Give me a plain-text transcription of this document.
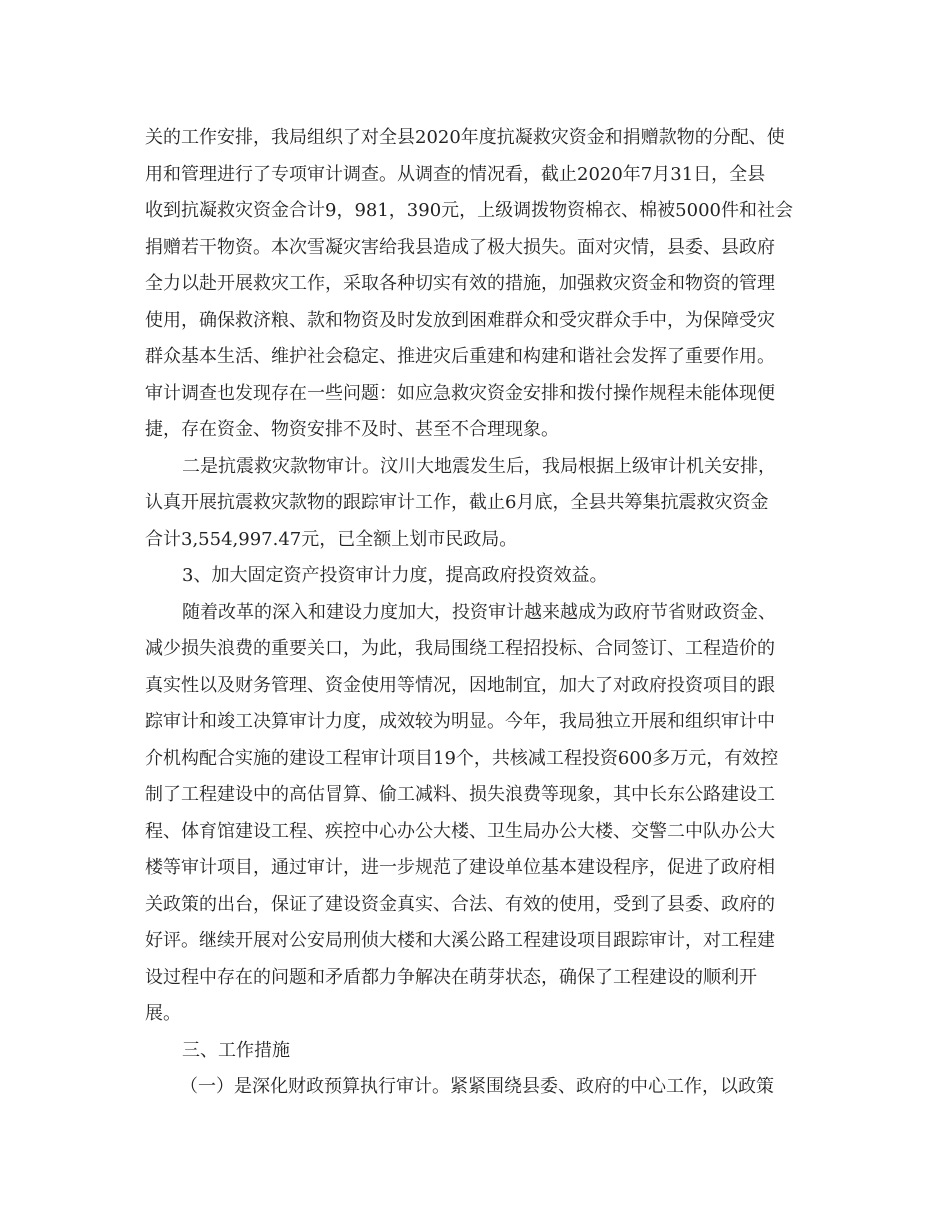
关的工作安排，我局组织了对全县2020年度抗凝救灾资金和捐赠款物的分配、使
用和管理进行了专项审计调查。从调查的情况看，截止2020年7月31日，全县
收到抗凝救灾资金合计9，981，390元，上级调拨物资棉衣、棉被5000件和社会
捐赠若干物资。本次雪凝灾害给我县造成了极大损失。面对灾情，县委、县政府
全力以赴开展救灾工作，采取各种切实有效的措施，加强救灾资金和物资的管理
使用，确保救济粮、款和物资及时发放到困难群众和受灾群众手中，为保障受灾
群众基本生活、维护社会稳定、推进灾后重建和构建和谐社会发挥了重要作用。
审计调查也发现存在一些问题：如应急救灾资金安排和拨付操作规程未能体现便
捷，存在资金、物资安排不及时、甚至不合理现象。
二是抗震救灾款物审计。汶川大地震发生后，我局根据上级审计机关安排，
认真开展抗震救灾款物的跟踪审计工作，截止6月底，全县共筹集抗震救灾资金
合计3,554,997.47元，已全额上划市民政局。
3、加大固定资产投资审计力度，提高政府投资效益。
随着改革的深入和建设力度加大，投资审计越来越成为政府节省财政资金、
减少损失浪费的重要关口，为此，我局围绕工程招投标、合同签订、工程造价的
真实性以及财务管理、资金使用等情况，因地制宜，加大了对政府投资项目的跟
踪审计和竣工决算审计力度，成效较为明显。今年，我局独立开展和组织审计中
介机构配合实施的建设工程审计项目19个，共核减工程投资600多万元，有效控
制了工程建设中的高估冒算、偷工减料、损失浪费等现象，其中长东公路建设工
程、体育馆建设工程、疾控中心办公大楼、卫生局办公大楼、交警二中队办公大
楼等审计项目，通过审计，进一步规范了建设单位基本建设程序，促进了政府相
关政策的出台，保证了建设资金真实、合法、有效的使用，受到了县委、政府的
好评。继续开展对公安局刑侦大楼和大溪公路工程建设项目跟踪审计，对工程建
设过程中存在的问题和矛盾都力争解决在萌芽状态，确保了工程建设的顺利开
展。
三、工作措施
（一）是深化财政预算执行审计。紧紧围绕县委、政府的中心工作，以政策
